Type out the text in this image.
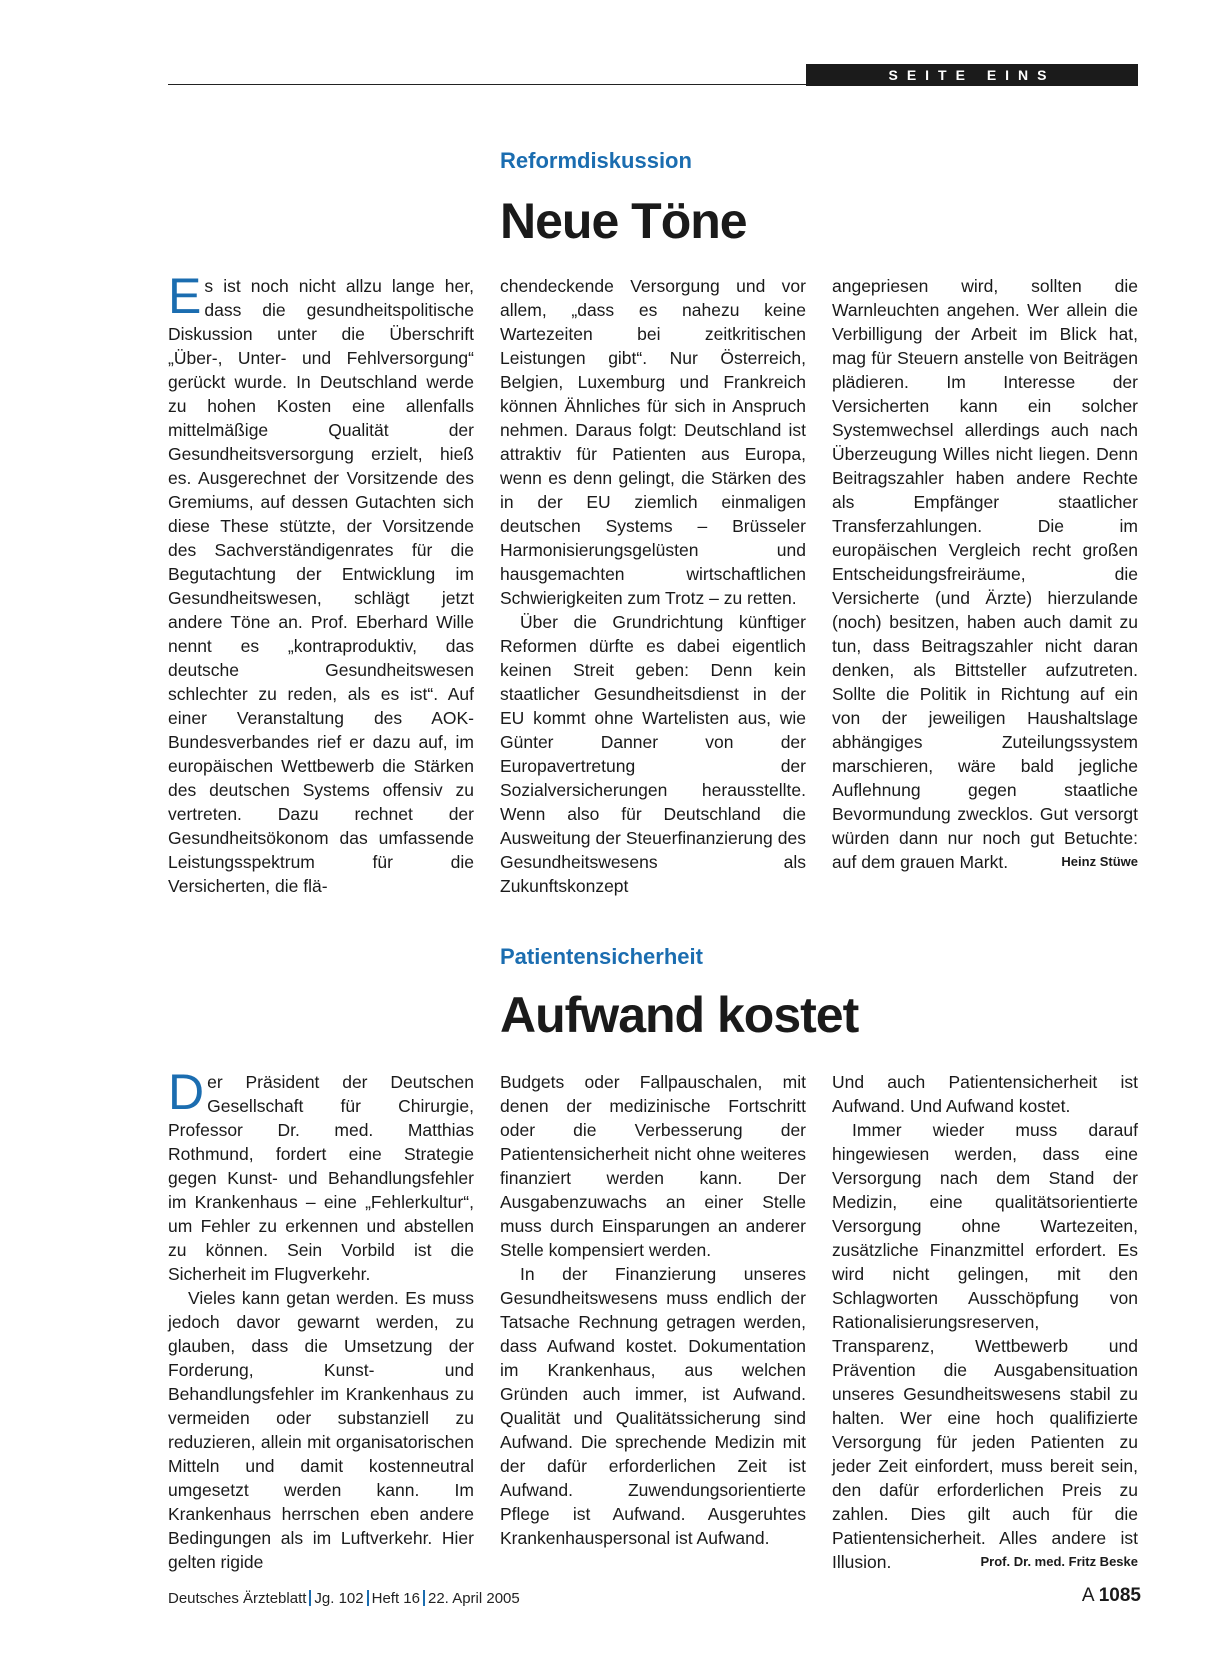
SEITE EINS
Reformdiskussion
Neue Töne

Es ist noch nicht allzu lange her, dass die gesundheitspolitische Diskussion unter die Überschrift „Über-, Unter- und Fehlversorgung“ gerückt wurde. In Deutschland werde zu hohen Kosten eine allenfalls mittelmäßige Qualität der Gesundheitsversorgung erzielt, hieß es. Ausgerechnet der Vorsitzende des Gremiums, auf dessen Gutachten sich diese These stützte, der Vorsitzende des Sachverständigenrates für die Begutachtung der Entwicklung im Gesundheitswesen, schlägt jetzt andere Töne an. Prof. Eberhard Wille nennt es „kontraproduktiv, das deutsche Gesundheitswesen schlechter zu reden, als es ist“. Auf einer Veranstaltung des AOK-Bundesverbandes rief er dazu auf, im europäischen Wettbewerb die Stärken des deutschen Systems offensiv zu vertreten. Dazu rechnet der Gesundheitsökonom das umfassende Leistungsspektrum für die Versicherten, die flä-

chendeckende Versorgung und vor allem, „dass es nahezu keine Wartezeiten bei zeitkritischen Leistungen gibt“. Nur Österreich, Belgien, Luxemburg und Frankreich können Ähnliches für sich in Anspruch nehmen. Daraus folgt: Deutschland ist attraktiv für Patienten aus Europa, wenn es denn gelingt, die Stärken des in der EU ziemlich einmaligen deutschen Systems – Brüsseler Harmonisierungsgelüsten und hausgemachten wirtschaftlichen Schwierigkeiten zum Trotz – zu retten.

Über die Grundrichtung künftiger Reformen dürfte es dabei eigentlich keinen Streit geben: Denn kein staatlicher Gesundheitsdienst in der EU kommt ohne Wartelisten aus, wie Günter Danner von der Europavertretung der Sozialversicherungen herausstellte. Wenn also für Deutschland die Ausweitung der Steuerfinanzierung des Gesundheitswesens als Zukunftskonzept

angepriesen wird, sollten die Warnleuchten angehen. Wer allein die Verbilligung der Arbeit im Blick hat, mag für Steuern anstelle von Beiträgen plädieren. Im Interesse der Versicherten kann ein solcher Systemwechsel allerdings auch nach Überzeugung Willes nicht liegen. Denn Beitragszahler haben andere Rechte als Empfänger staatlicher Transferzahlungen. Die im europäischen Vergleich recht großen Entscheidungsfreiräume, die Versicherte (und Ärzte) hierzulande (noch) besitzen, haben auch damit zu tun, dass Beitragszahler nicht daran denken, als Bittsteller aufzutreten. Sollte die Politik in Richtung auf ein von der jeweiligen Haushaltslage abhängiges Zuteilungssystem marschieren, wäre bald jegliche Auflehnung gegen staatliche Bevormundung zwecklos. Gut versorgt würden dann nur noch gut Betuchte: auf dem grauen Markt.	Heinz Stüwe

Patientensicherheit
Aufwand kostet

Der Präsident der Deutschen Gesellschaft für Chirurgie, Professor Dr. med. Matthias Rothmund, fordert eine Strategie gegen Kunst- und Behandlungsfehler im Krankenhaus – eine „Fehlerkultur“, um Fehler zu erkennen und abstellen zu können. Sein Vorbild ist die Sicherheit im Flugverkehr.

Vieles kann getan werden. Es muss jedoch davor gewarnt werden, zu glauben, dass die Umsetzung der Forderung, Kunst- und Behandlungsfehler im Krankenhaus zu vermeiden oder substanziell zu reduzieren, allein mit organisatorischen Mitteln und damit kostenneutral umgesetzt werden kann. Im Krankenhaus herrschen eben andere Bedingungen als im Luftverkehr. Hier gelten rigide

Budgets oder Fallpauschalen, mit denen der medizinische Fortschritt oder die Verbesserung der Patientensicherheit nicht ohne weiteres finanziert werden kann. Der Ausgabenzuwachs an einer Stelle muss durch Einsparungen an anderer Stelle kompensiert werden.

In der Finanzierung unseres Gesundheitswesens muss endlich der Tatsache Rechnung getragen werden, dass Aufwand kostet. Dokumentation im Krankenhaus, aus welchen Gründen auch immer, ist Aufwand. Qualität und Qualitätssicherung sind Aufwand. Die sprechende Medizin mit der dafür erforderlichen Zeit ist Aufwand. Zuwendungsorientierte Pflege ist Aufwand. Ausgeruhtes Krankenhauspersonal ist Aufwand.

Und auch Patientensicherheit ist Aufwand. Und Aufwand kostet.

Immer wieder muss darauf hingewiesen werden, dass eine Versorgung nach dem Stand der Medizin, eine qualitätsorientierte Versorgung ohne Wartezeiten, zusätzliche Finanzmittel erfordert. Es wird nicht gelingen, mit den Schlagworten Ausschöpfung von Rationalisierungsreserven, Transparenz, Wettbewerb und Prävention die Ausgabensituation unseres Gesundheitswesens stabil zu halten. Wer eine hoch qualifizierte Versorgung für jeden Patienten zu jeder Zeit einfordert, muss bereit sein, den dafür erforderlichen Preis zu zahlen. Dies gilt auch für die Patientensicherheit. Alles andere ist Illusion.	Prof. Dr. med. Fritz Beske

Deutsches Ärzteblatt Jg. 102 Heft 16 22. April 2005	A 1085
